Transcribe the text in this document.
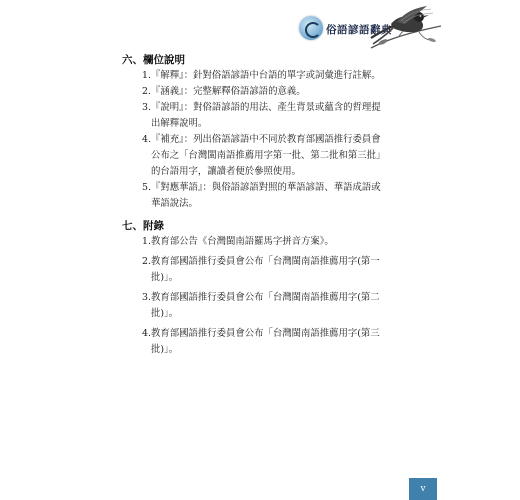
俗語諺語辭典
六、欄位說明
1. 『解釋』：針對俗語諺語中台語的單字或詞彙進行註解。
2. 『涵義』：完整解釋俗語諺語的意義。
3. 『說明』：對俗語諺語的用法、產生背景或蘊含的哲理提
出解釋說明。
4. 『補充』：列出俗語諺語中不同於教育部國語推行委員會
公布之「台灣閩南語推薦用字第一批、第二批和第三批」
的台語用字，讓讀者便於參照使用。
5. 『對應華語』：與俗語諺語對照的華語諺語、華語成語或
華語說法。
七、附錄
1. 教育部公告《台灣閩南語羅馬字拼音方案》。
2. 教育部國語推行委員會公布「台灣閩南語推薦用字(第一
批)」。
3. 教育部國語推行委員會公布「台灣閩南語推薦用字(第二
批)」。
4. 教育部國語推行委員會公布「台灣閩南語推薦用字(第三
批)」。
v
